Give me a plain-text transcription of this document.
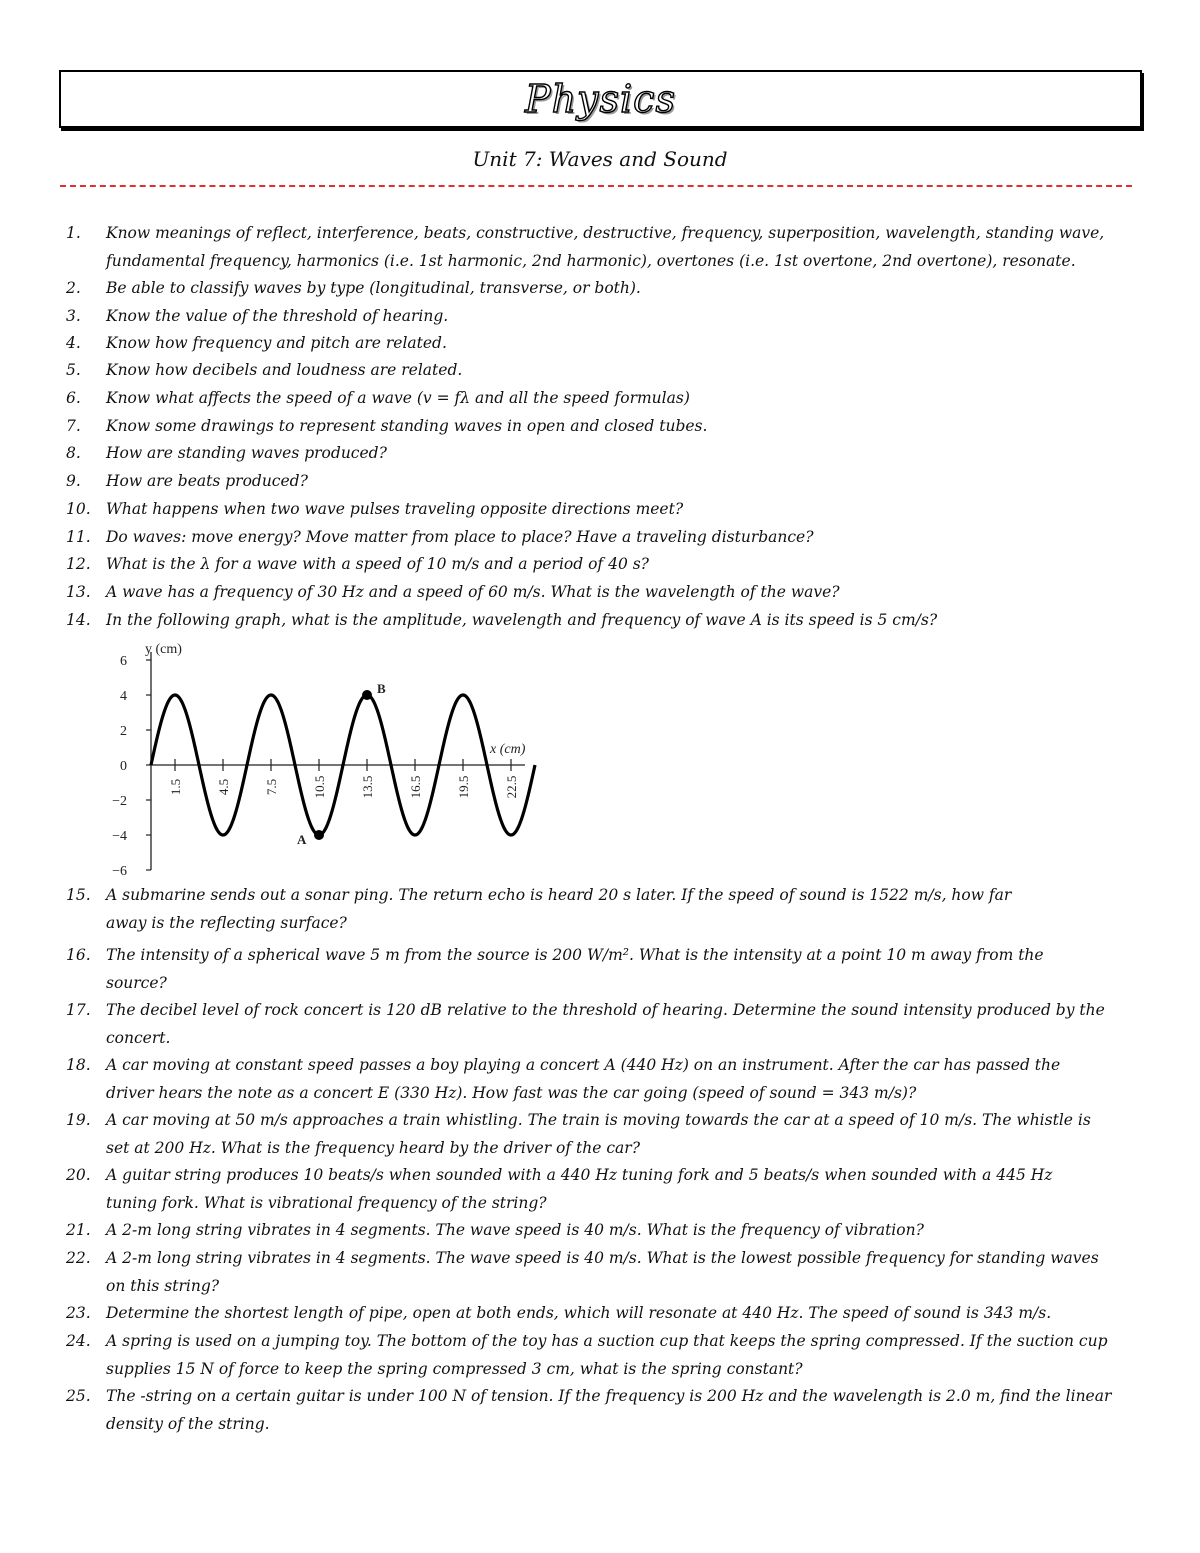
Physics
Unit 7: Waves and Sound
1. Know meanings of reflect, interference, beats, constructive, destructive, frequency, superposition, wavelength, standing wave,
fundamental frequency, harmonics (i.e. 1st harmonic, 2nd harmonic), overtones (i.e. 1st overtone, 2nd overtone), resonate.
2. Be able to classify waves by type (longitudinal, transverse, or both).
3. Know the value of the threshold of hearing.
4. Know how frequency and pitch are related.
5. Know how decibels and loudness are related.
6. Know what affects the speed of a wave (v = fλ and all the speed formulas)
7. Know some drawings to represent standing waves in open and closed tubes.
8. How are standing waves produced?
9. How are beats produced?
10. What happens when two wave pulses traveling opposite directions meet?
11. Do waves: move energy? Move matter from place to place? Have a traveling disturbance?
12. What is the λ for a wave with a speed of 10 m/s and a period of 40 s?
13. A wave has a frequency of 30 Hz and a speed of 60 m/s. What is the wavelength of the wave?
14. In the following graph, what is the amplitude, wavelength and frequency of wave A is its speed is 5 cm/s?
15. A submarine sends out a sonar ping. The return echo is heard 20 s later. If the speed of sound is 1522 m/s, how far
away is the reflecting surface?
16. The intensity of a spherical wave 5 m from the source is 200 W/m². What is the intensity at a point 10 m away from the
source?
17. The decibel level of rock concert is 120 dB relative to the threshold of hearing. Determine the sound intensity produced by the
concert.
18. A car moving at constant speed passes a boy playing a concert A (440 Hz) on an instrument. After the car has passed the
driver hears the note as a concert E (330 Hz). How fast was the car going (speed of sound = 343 m/s)?
19. A car moving at 50 m/s approaches a train whistling. The train is moving towards the car at a speed of 10 m/s. The whistle is
set at 200 Hz. What is the frequency heard by the driver of the car?
20. A guitar string produces 10 beats/s when sounded with a 440 Hz tuning fork and 5 beats/s when sounded with a 445 Hz
tuning fork. What is vibrational frequency of the string?
21. A 2-m long string vibrates in 4 segments. The wave speed is 40 m/s. What is the frequency of vibration?
22. A 2-m long string vibrates in 4 segments. The wave speed is 40 m/s. What is the lowest possible frequency for standing waves
on this string?
23. Determine the shortest length of pipe, open at both ends, which will resonate at 440 Hz. The speed of sound is 343 m/s.
24. A spring is used on a jumping toy. The bottom of the toy has a suction cup that keeps the spring compressed. If the suction cup
supplies 15 N of force to keep the spring compressed 3 cm, what is the spring constant?
25. The -string on a certain guitar is under 100 N of tension. If the frequency is 200 Hz and the wavelength is 2.0 m, find the linear
density of the string.
6
4
2
0
−2
−4
−6
1.5	4.5	7.5	10.5	13.5	16.5	19.5	22.5
y (cm)
x (cm)
A
B
